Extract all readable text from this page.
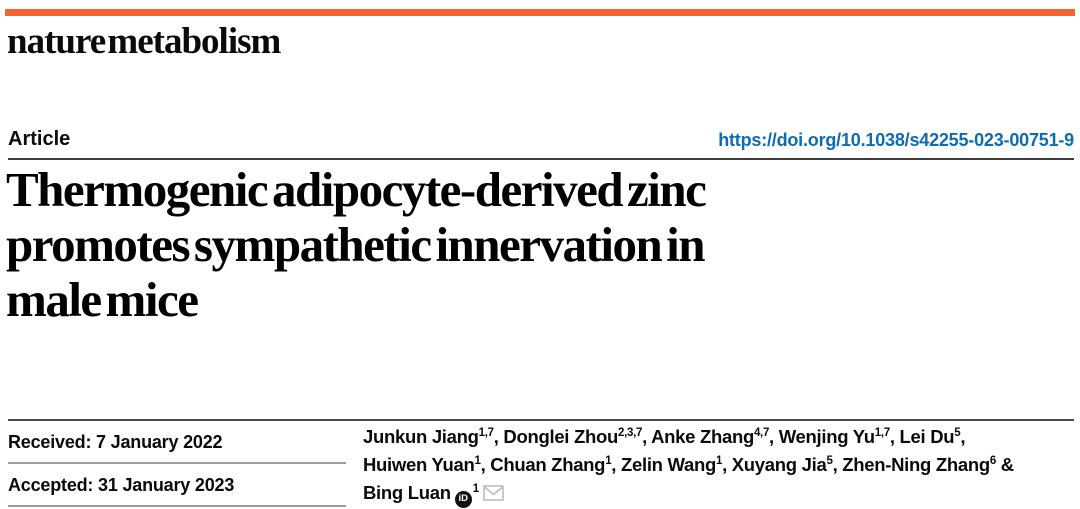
nature metabolism
Article	https://doi.org/10.1038/s42255-023-00751-9
Thermogenic adipocyte-derived zinc
promotes sympathetic innervation in
male mice
Received: 7 January 2022
Accepted: 31 January 2023
Junkun Jiang$^{1,7}$, Donglei Zhou$^{2,3,7}$, Anke Zhang$^{4,7}$, Wenjing Yu$^{1,7}$, Lei Du$^5$,
Huiwen Yuan$^1$, Chuan Zhang$^1$, Zelin Wang$^1$, Xuyang Jia$^5$, Zhen-Ning Zhang$^6$ &
Bing Luan $iD^1$
